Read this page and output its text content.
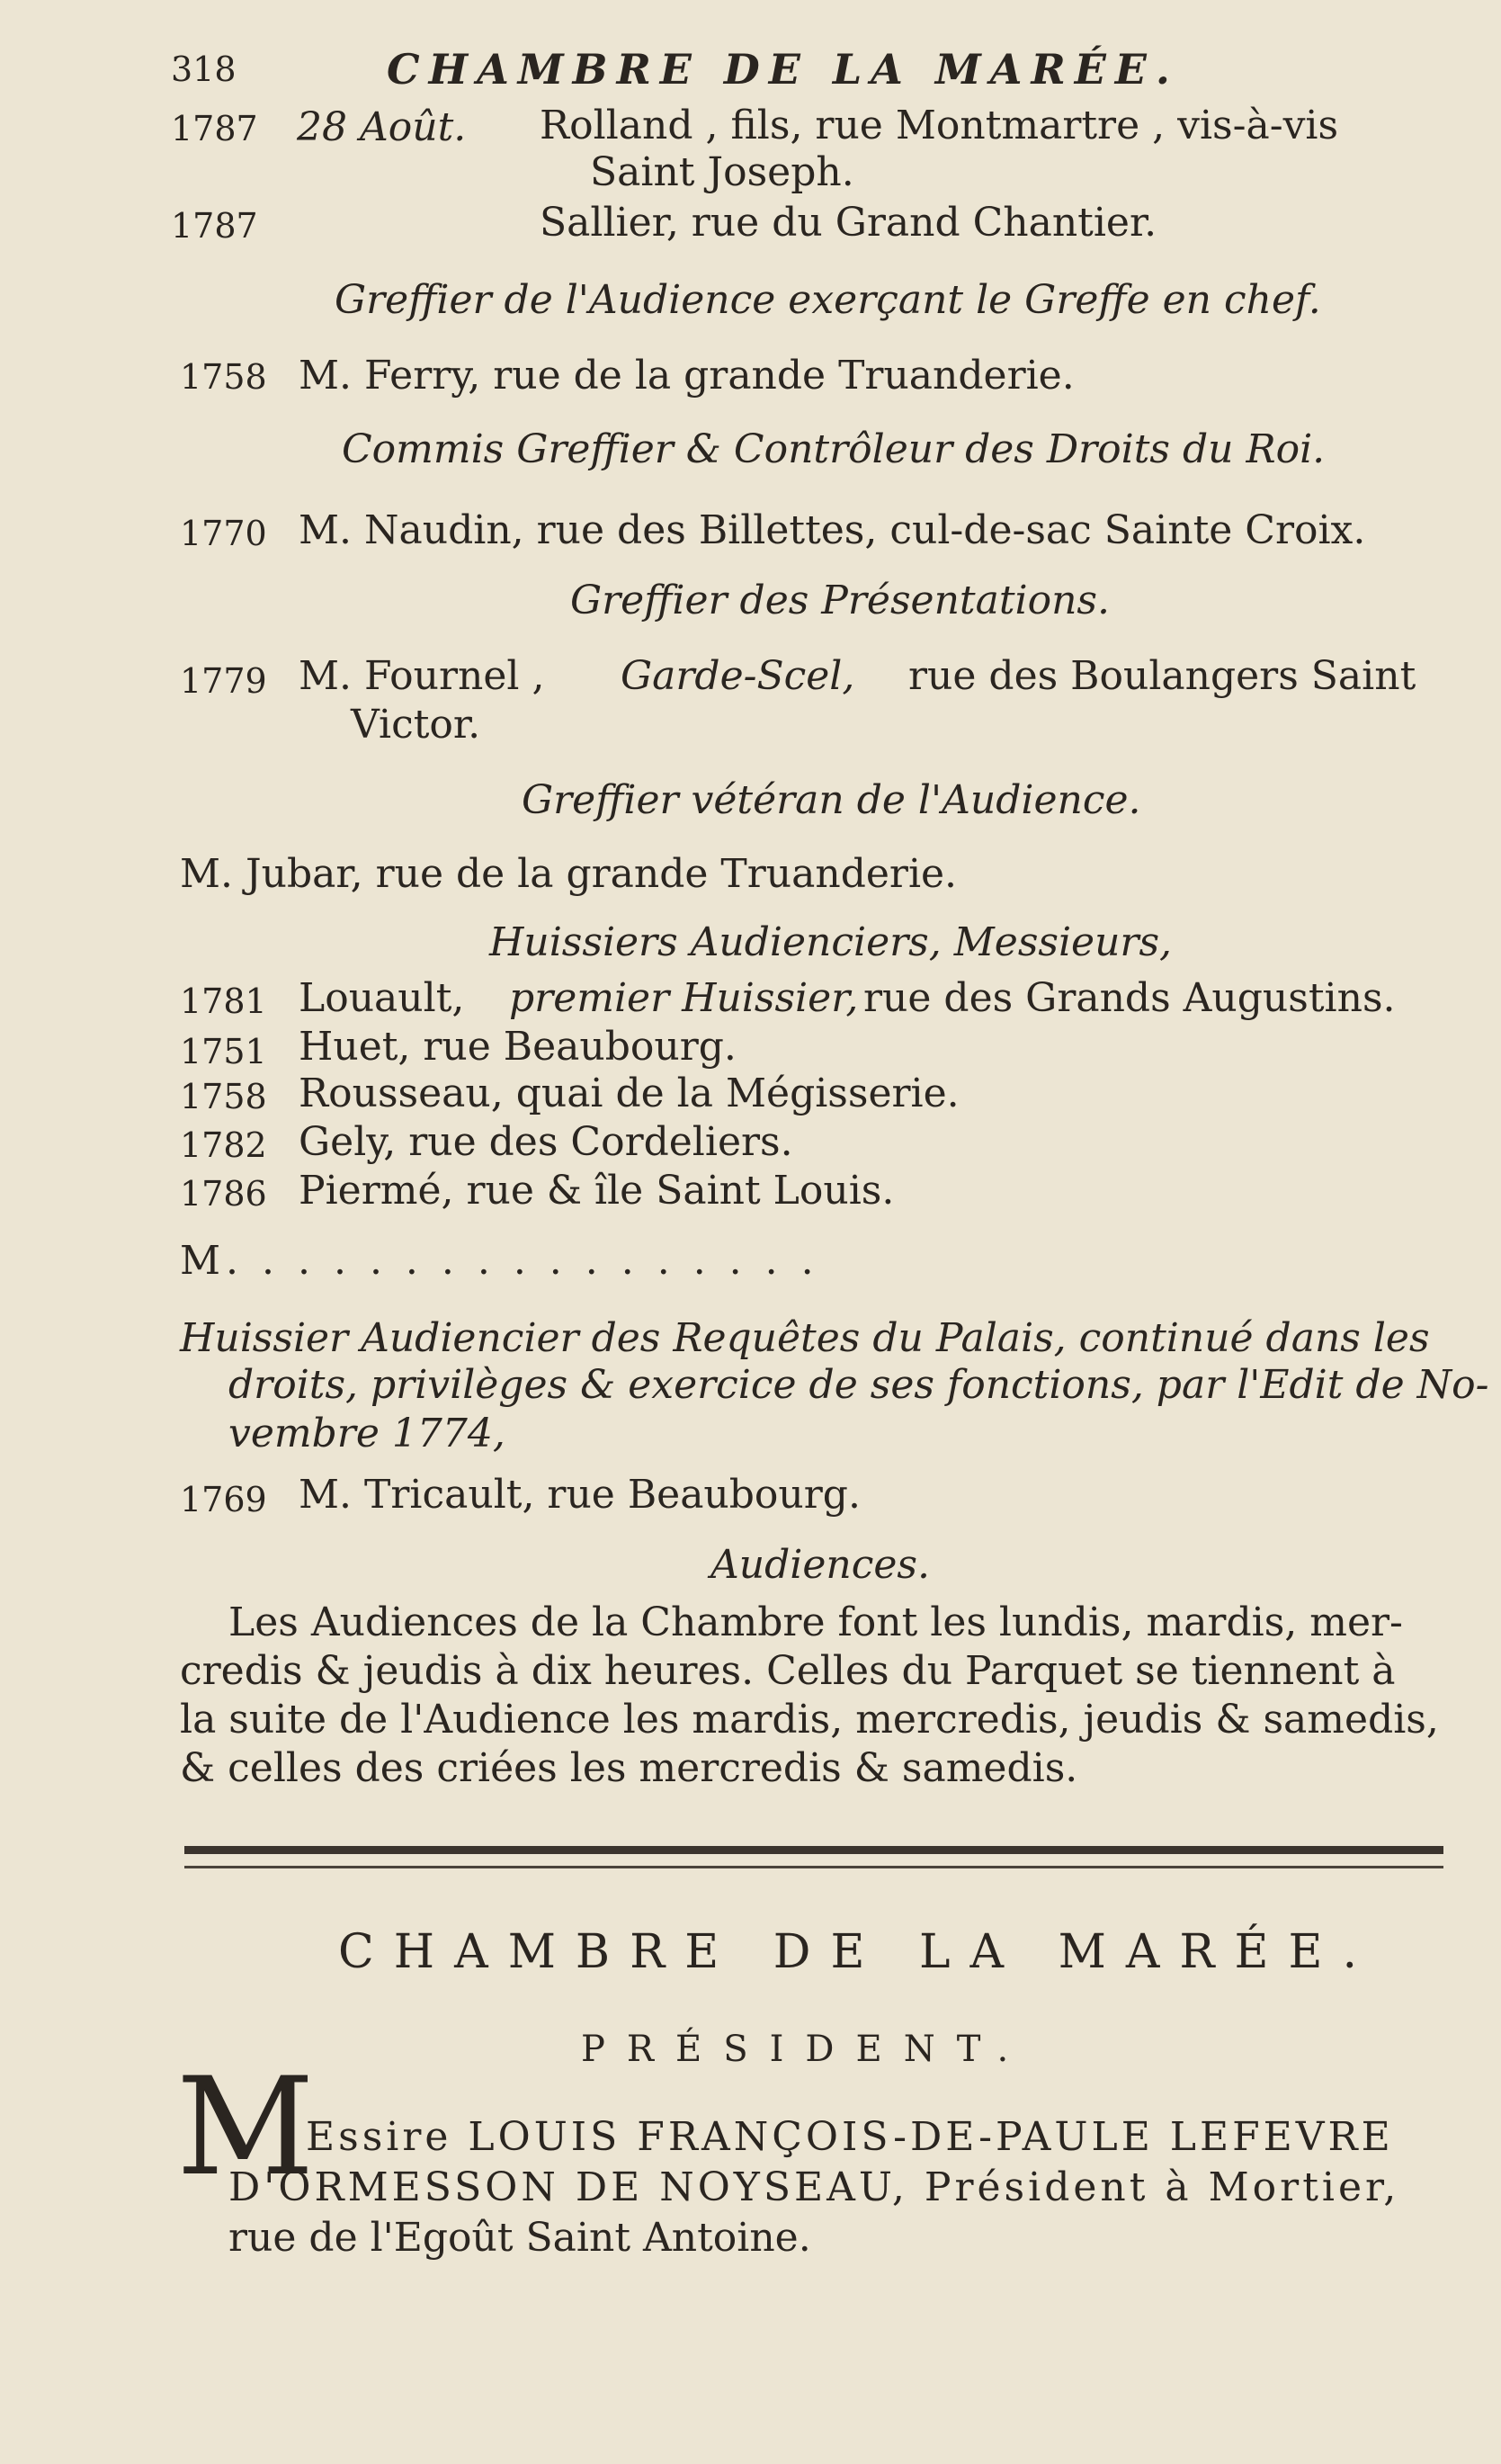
318	CHAMBRE DE LA MARÉE.
1787 28 Août. Rolland , fils, rue Montmartre , vis-à-vis
Saint Joseph.
1787	Sallier, rue du Grand Chantier.
Greffier de l'Audience exerçant le Greffe en chef.
1758 M. Ferry, rue de la grande Truanderie.
Commis Greffier & Contrôleur des Droits du Roi.
1770 M. Naudin, rue des Billettes, cul-de-sac Sainte Croix.
Greffier des Présentations.
1779 M. Fournel , Garde-Scel, rue des Boulangers Saint
Victor.
Greffier vétéran de l'Audience.
M. Jubar, rue de la grande Truanderie.
Huissiers Audienciers, Messieurs,
1781 Louault, premier Huissier, rue des Grands Augustins.
1751 Huet, rue Beaubourg.
1758 Rousseau, quai de la Mégisserie.
1782 Gely, rue des Cordeliers.
1786 Piermé, rue & île Saint Louis.
M. . . . . . . . . . . . . . . . .
Huissier Audiencier des Requêtes du Palais, continué dans les
droits, privilèges & exercice de ses fonctions, par l'Edit de No-
vembre 1774,
1769 M. Tricault, rue Beaubourg.
Audiences.
Les Audiences de la Chambre font les lundis, mardis, mer-
credis & jeudis à dix heures. Celles du Parquet se tiennent à
la suite de l'Audience les mardis, mercredis, jeudis & samedis,
& celles des criées les mercredis & samedis.
CHAMBRE DE LA MARÉE.
PRÉSIDENT.
M
Essire LOUIS FRANÇOIS-DE-PAULE LEFEVRE
D'ORMESSON DE NOYSEAU, Président à Mortier,
rue de l'Egoût Saint Antoine.
